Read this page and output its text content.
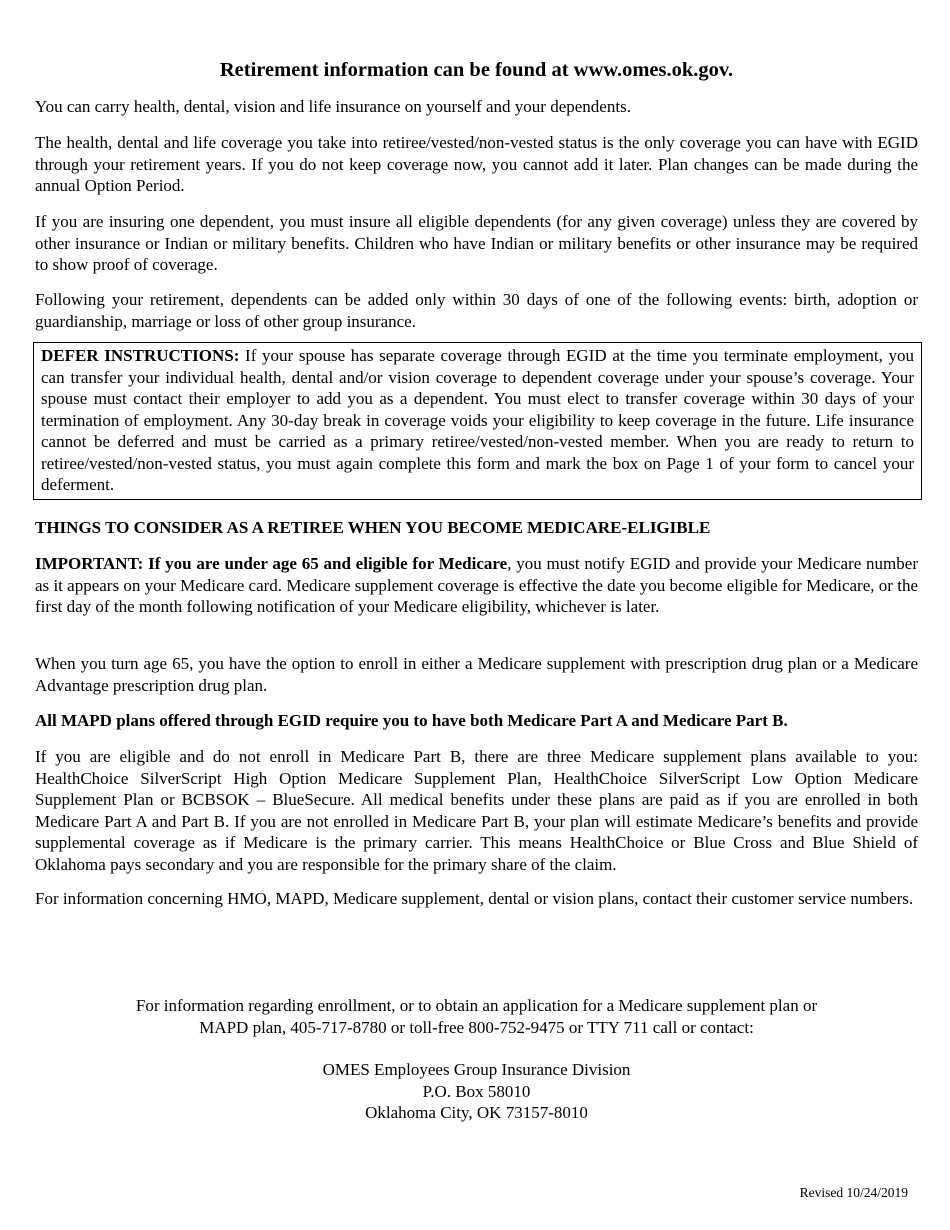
Retirement information can be found at www.omes.ok.gov.

You can carry health, dental, vision and life insurance on yourself and your dependents.

The health, dental and life coverage you take into retiree/vested/non-vested status is the only coverage you can have with EGID through your retirement years. If you do not keep coverage now, you cannot add it later. Plan changes can be made during the annual Option Period.

If you are insuring one dependent, you must insure all eligible dependents (for any given coverage) unless they are covered by other insurance or Indian or military benefits. Children who have Indian or military benefits or other insurance may be required to show proof of coverage.

Following your retirement, dependents can be added only within 30 days of one of the following events: birth, adoption or guardianship, marriage or loss of other group insurance.

DEFER INSTRUCTIONS: If your spouse has separate coverage through EGID at the time you terminate employment, you can transfer your individual health, dental and/or vision coverage to dependent coverage under your spouse’s coverage. Your spouse must contact their employer to add you as a dependent. You must elect to transfer coverage within 30 days of your termination of employment. Any 30-day break in coverage voids your eligibility to keep coverage in the future. Life insurance cannot be deferred and must be carried as a primary retiree/vested/non-vested member. When you are ready to return to retiree/vested/non-vested status, you must again complete this form and mark the box on Page 1 of your form to cancel your deferment.

THINGS TO CONSIDER AS A RETIREE WHEN YOU BECOME MEDICARE-ELIGIBLE

IMPORTANT: If you are under age 65 and eligible for Medicare, you must notify EGID and provide your Medicare number as it appears on your Medicare card. Medicare supplement coverage is effective the date you become eligible for Medicare, or the first day of the month following notification of your Medicare eligibility, whichever is later.

When you turn age 65, you have the option to enroll in either a Medicare supplement with prescription drug plan or a Medicare Advantage prescription drug plan.

All MAPD plans offered through EGID require you to have both Medicare Part A and Medicare Part B.

If you are eligible and do not enroll in Medicare Part B, there are three Medicare supplement plans available to you: HealthChoice SilverScript High Option Medicare Supplement Plan, HealthChoice SilverScript Low Option Medicare Supplement Plan or BCBSOK – BlueSecure. All medical benefits under these plans are paid as if you are enrolled in both Medicare Part A and Part B. If you are not enrolled in Medicare Part B, your plan will estimate Medicare’s benefits and provide supplemental coverage as if Medicare is the primary carrier. This means HealthChoice or Blue Cross and Blue Shield of Oklahoma pays secondary and you are responsible for the primary share of the claim.

For information concerning HMO, MAPD, Medicare supplement, dental or vision plans, contact their customer service numbers.

For information regarding enrollment, or to obtain an application for a Medicare supplement plan or
MAPD plan, 405-717-8780 or toll-free 800-752-9475 or TTY 711 call or contact:
OMES Employees Group Insurance Division
P.O. Box 58010
Oklahoma City, OK 73157-8010
Revised 10/24/2019
